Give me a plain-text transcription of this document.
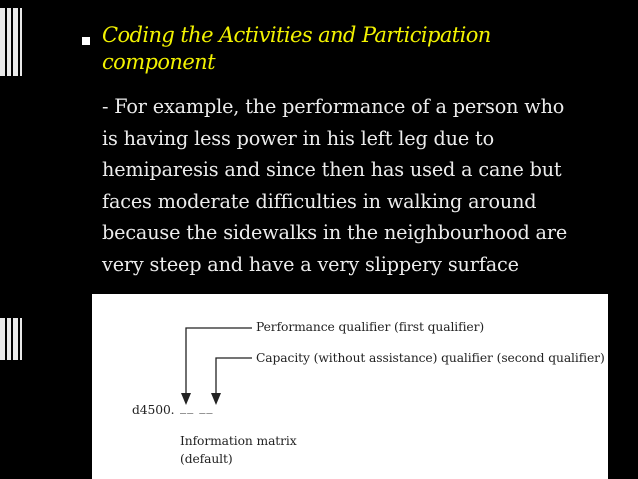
Coding the Activities and Participation
component
- For example, the performance of a person who
is having less power in his left leg due to
hemiparesis and since then has used a cane but
faces moderate difficulties in walking around
because the sidewalks in the neighbourhood are
very steep and have a very slippery surface
Performance qualifier (first qualifier)
Capacity (without assistance) qualifier (second qualifier)
d4500. __ __
Information matrix
(default)
